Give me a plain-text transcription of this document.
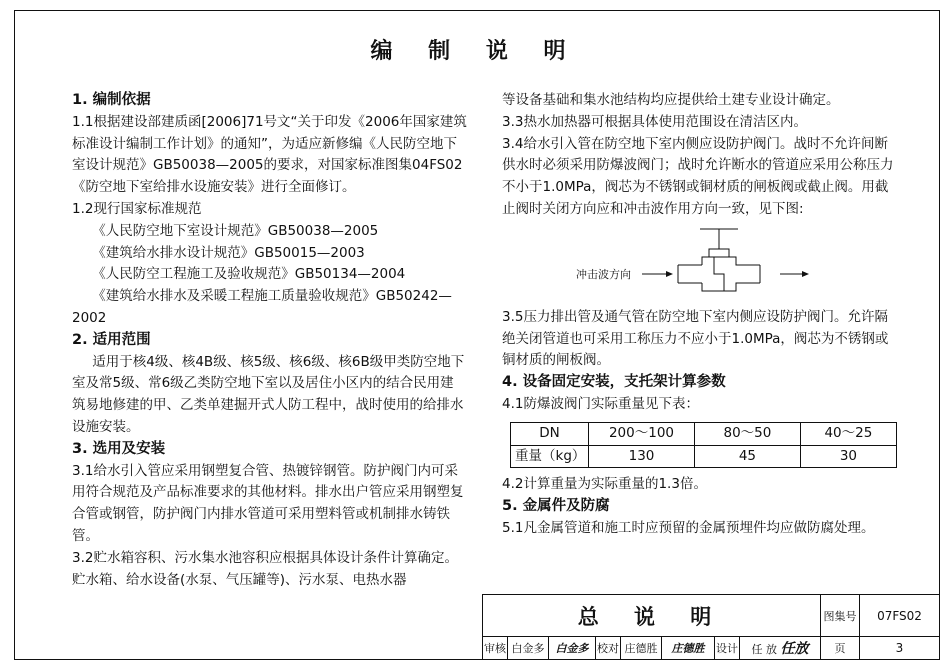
编 制 说 明

1. 编制依据

1.1根据建设部建质函[2006]71号文“关于印发《2006年国家建筑标准设计编制工作计划》的通知”，为适应新修编《人民防空地下室设计规范》GB50038—2005的要求，对国家标准图集04FS02《防空地下室给排水设施安装》进行全面修订。

1.2现行国家标准规范

《人民防空地下室设计规范》GB50038—2005

《建筑给水排水设计规范》GB50015—2003

《人民防空工程施工及验收规范》GB50134—2004

《建筑给水排水及采暖工程施工质量验收规范》GB50242—2002

2. 适用范围

适用于核4级、核4B级、核5级、核6级、核6B级甲类防空地下室及常5级、常6级乙类防空地下室以及居住小区内的结合民用建筑易地修建的甲、乙类单建掘开式人防工程中，战时使用的给排水设施安装。

3. 选用及安装

3.1给水引入管应采用钢塑复合管、热镀锌钢管。防护阀门内可采用符合规范及产品标准要求的其他材料。排水出户管应采用钢塑复合管或钢管，防护阀门内排水管道可采用塑料管或机制排水铸铁管。

3.2贮水箱容积、污水集水池容积应根据具体设计条件计算确定。贮水箱、给水设备(水泵、气压罐等)、污水泵、电热水器

等设备基础和集水池结构均应提供给土建专业设计确定。

3.3热水加热器可根据具体使用范围设在清洁区内。

3.4给水引入管在防空地下室内侧应设防护阀门。战时不允许间断供水时必须采用防爆波阀门；战时允许断水的管道应采用公称压力不小于1.0MPa，阀芯为不锈钢或铜材质的闸板阀或截止阀。用截止阀时关闭方向应和冲击波作用方向一致，见下图:

冲击波方向

3.5压力排出管及通气管在防空地下室内侧应设防护阀门。允许隔绝关闭管道也可采用工称压力不应小于1.0MPa，阀芯为不锈钢或铜材质的闸板阀。

4. 设备固定安装，支托架计算参数

4.1防爆波阀门实际重量见下表：

DN	200～100	80～50	40～25
重量（kg）	130	45	30

4.2计算重量为实际重量的1.3倍。

5. 金属件及防腐

5.1凡金属管道和施工时应预留的金属预埋件均应做防腐处理。

总 说 明								图集号	07FS02
审核	白金多	白金多	校对	庄德胜	庄德胜	设计	任 放 任放	页	3
